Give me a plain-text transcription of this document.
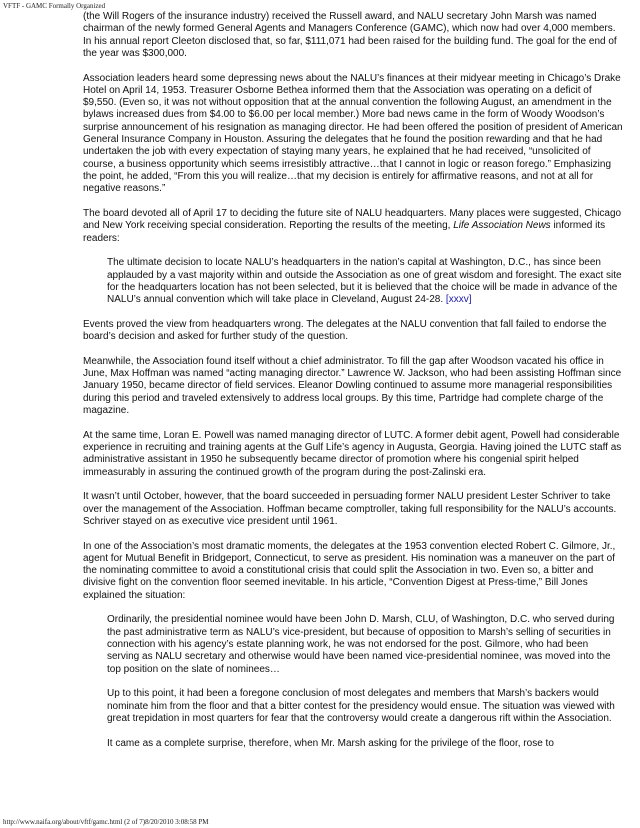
VFTF - GAMC Formally Organized

(the Will Rogers of the insurance industry) received the Russell award, and NALU secretary John Marsh was named chairman of the newly formed General Agents and Managers Conference (GAMC), which now had over 4,000 members. In his annual report Cleeton disclosed that, so far, $111,071 had been raised for the building fund. The goal for the end of the year was $300,000.

Association leaders heard some depressing news about the NALU’s finances at their midyear meeting in Chicago’s Drake Hotel on April 14, 1953. Treasurer Osborne Bethea informed them that the Association was operating on a deficit of $9,550. (Even so, it was not without opposition that at the annual convention the following August, an amendment in the bylaws increased dues from $4.00 to $6.00 per local member.) More bad news came in the form of Woody Woodson’s surprise announcement of his resignation as managing director. He had been offered the position of president of American General Insurance Company in Houston. Assuring the delegates that he found the position rewarding and that he had undertaken the job with every expectation of staying many years, he explained that he had received, “unsolicited of course, a business opportunity which seems irresistibly attractive…that I cannot in logic or reason forego.” Emphasizing the point, he added, “From this you will realize…that my decision is entirely for affirmative reasons, and not at all for negative reasons.”

The board devoted all of April 17 to deciding the future site of NALU headquarters. Many places were suggested, Chicago and New York receiving special consideration. Reporting the results of the meeting, Life Association News informed its readers:

The ultimate decision to locate NALU’s headquarters in the nation’s capital at Washington, D.C., has since been applauded by a vast majority within and outside the Association as one of great wisdom and foresight. The exact site for the headquarters location has not been selected, but it is believed that the choice will be made in advance of the NALU’s annual convention which will take place in Cleveland, August 24-28. [xxxv]

Events proved the view from headquarters wrong. The delegates at the NALU convention that fall failed to endorse the board’s decision and asked for further study of the question.

Meanwhile, the Association found itself without a chief administrator. To fill the gap after Woodson vacated his office in June, Max Hoffman was named “acting managing director.” Lawrence W. Jackson, who had been assisting Hoffman since January 1950, became director of field services. Eleanor Dowling continued to assume more managerial responsibilities during this period and traveled extensively to address local groups. By this time, Partridge had complete charge of the magazine.

At the same time, Loran E. Powell was named managing director of LUTC. A former debit agent, Powell had considerable experience in recruiting and training agents at the Gulf Life’s agency in Augusta, Georgia. Having joined the LUTC staff as administrative assistant in 1950 he subsequently became director of promotion where his congenial spirit helped immeasurably in assuring the continued growth of the program during the post-Zalinski era.

It wasn’t until October, however, that the board succeeded in persuading former NALU president Lester Schriver to take over the management of the Association. Hoffman became comptroller, taking full responsibility for the NALU’s accounts. Schriver stayed on as executive vice president until 1961.

In one of the Association’s most dramatic moments, the delegates at the 1953 convention elected Robert C. Gilmore, Jr., agent for Mutual Benefit in Bridgeport, Connecticut, to serve as president. His nomination was a maneuver on the part of the nominating committee to avoid a constitutional crisis that could split the Association in two. Even so, a bitter and divisive fight on the convention floor seemed inevitable. In his article, “Convention Digest at Press-time,” Bill Jones explained the situation:

Ordinarily, the presidential nominee would have been John D. Marsh, CLU, of Washington, D.C. who served during the past administrative term as NALU’s vice-president, but because of opposition to Marsh’s selling of securities in connection with his agency’s estate planning work, he was not endorsed for the post. Gilmore, who had been serving as NALU secretary and otherwise would have been named vice-presidential nominee, was moved into the top position on the slate of nominees…

Up to this point, it had been a foregone conclusion of most delegates and members that Marsh’s backers would nominate him from the floor and that a bitter contest for the presidency would ensue. The situation was viewed with great trepidation in most quarters for fear that the controversy would create a dangerous rift within the Association.

It came as a complete surprise, therefore, when Mr. Marsh asking for the privilege of the floor, rose to

http://www.naifa.org/about/vftf/gamc.html (2 of 7)8/20/2010 3:08:58 PM
